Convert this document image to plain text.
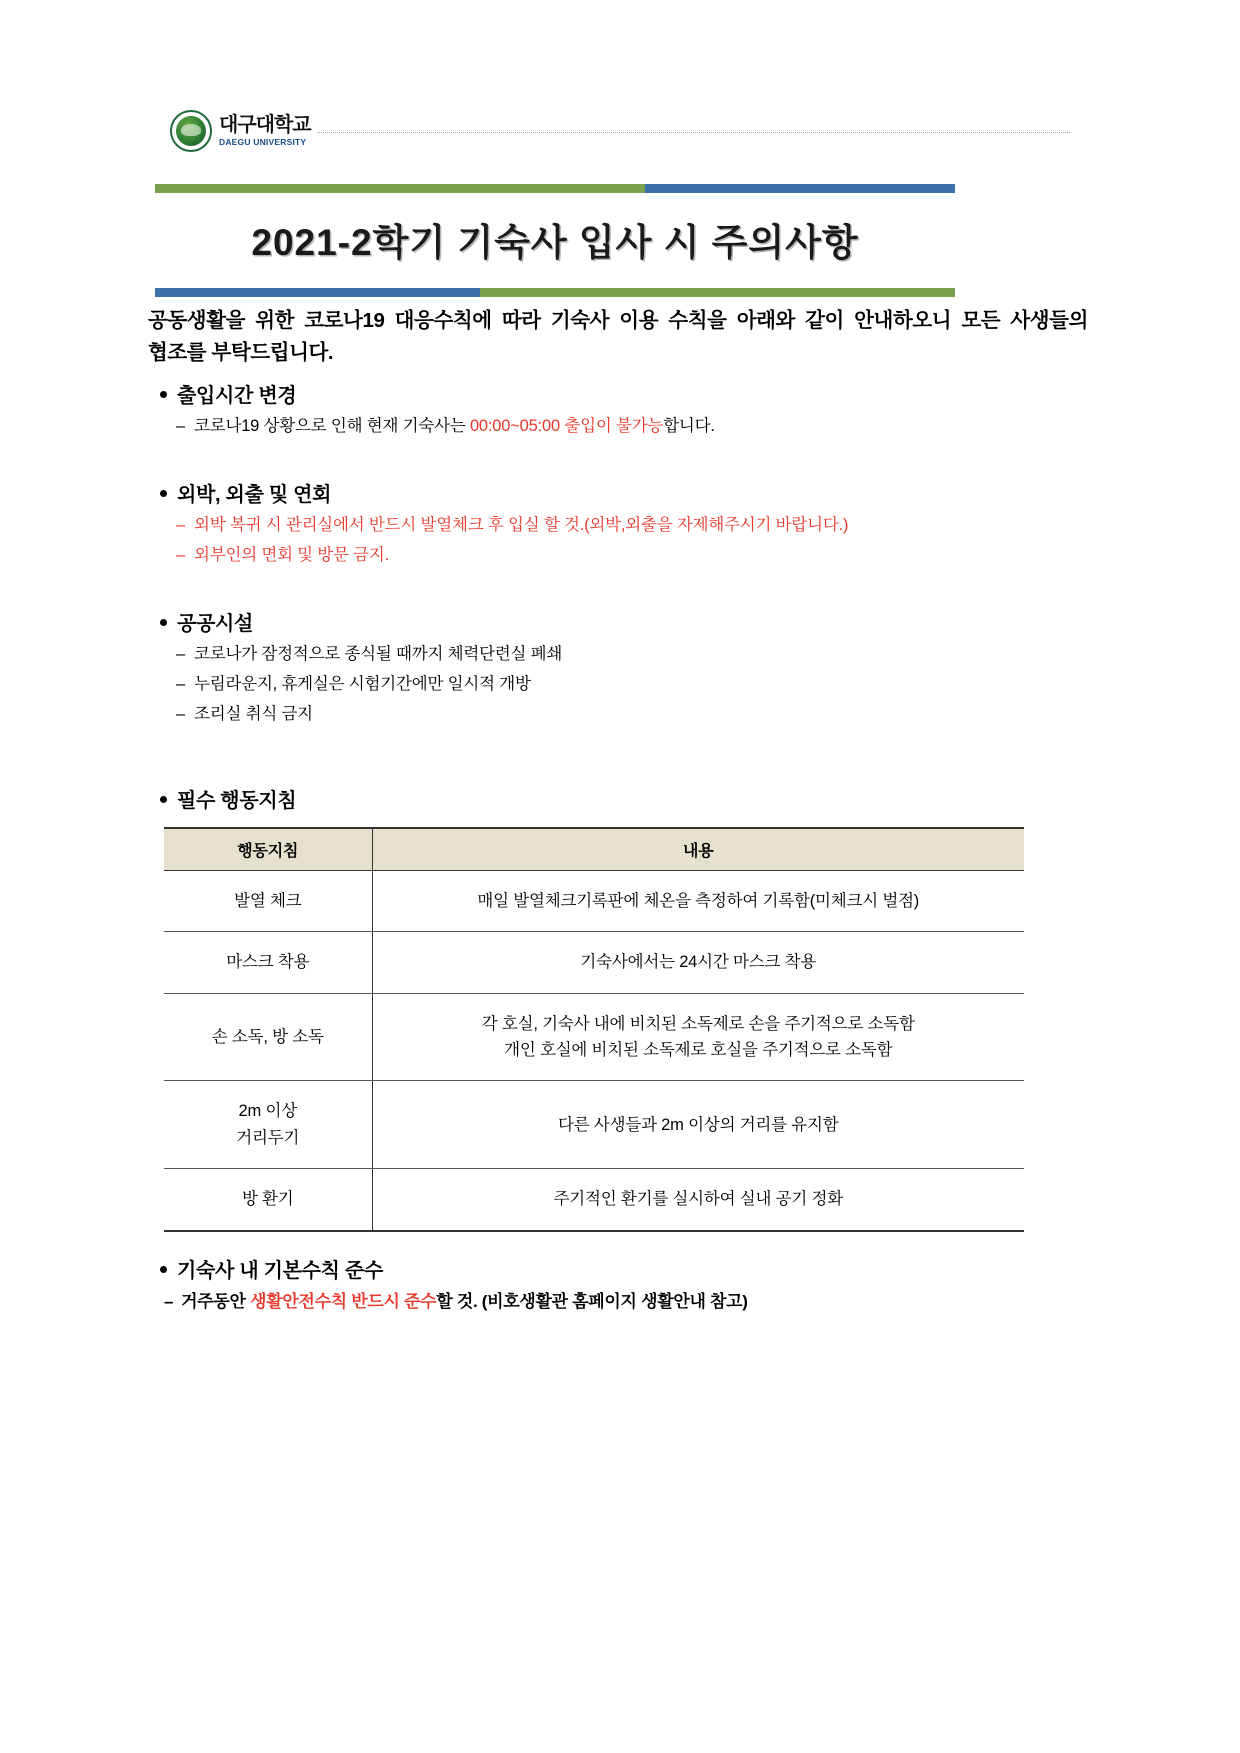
대구대학교
DAEGU UNIVERSITY
2021-2학기 기숙사 입사 시 주의사항

공동생활을 위한 코로나19 대응수칙에 따라 기숙사 이용 수칙을 아래와 같이 안내하오니 모든 사생들의 협조를 부탁드립니다.

출입시간 변경
– 코로나19 상황으로 인해 현재 기숙사는 00:00~05:00 출입이 불가능합니다.
외박, 외출 및 연회
– 외박 복귀 시 관리실에서 반드시 발열체크 후 입실 할 것.(외박,외출을 자제해주시기 바랍니다.)
– 외부인의 면회 및 방문 금지.
공공시설
– 코로나가 잠정적으로 종식될 때까지 체력단련실 폐쇄
– 누림라운지, 휴게실은 시험기간에만 일시적 개방
– 조리실 취식 금지
필수 행동지침
행동지침	내용
발열 체크	매일 발열체크기록판에 체온을 측정하여 기록함(미체크시 벌점)
마스크 착용	기숙사에서는 24시간 마스크 착용
손 소독, 방 소독	각 호실, 기숙사 내에 비치된 소독제로 손을 주기적으로 소독함
개인 호실에 비치된 소독제로 호실을 주기적으로 소독함

2m 이상
거리두기	다른 사생들과 2m 이상의 거리를 유지함
방 환기	주기적인 환기를 실시하여 실내 공기 정화
기숙사 내 기본수칙 준수
– 거주동안 생활안전수칙 반드시 준수할 것. (비호생활관 홈페이지 생활안내 참고)
